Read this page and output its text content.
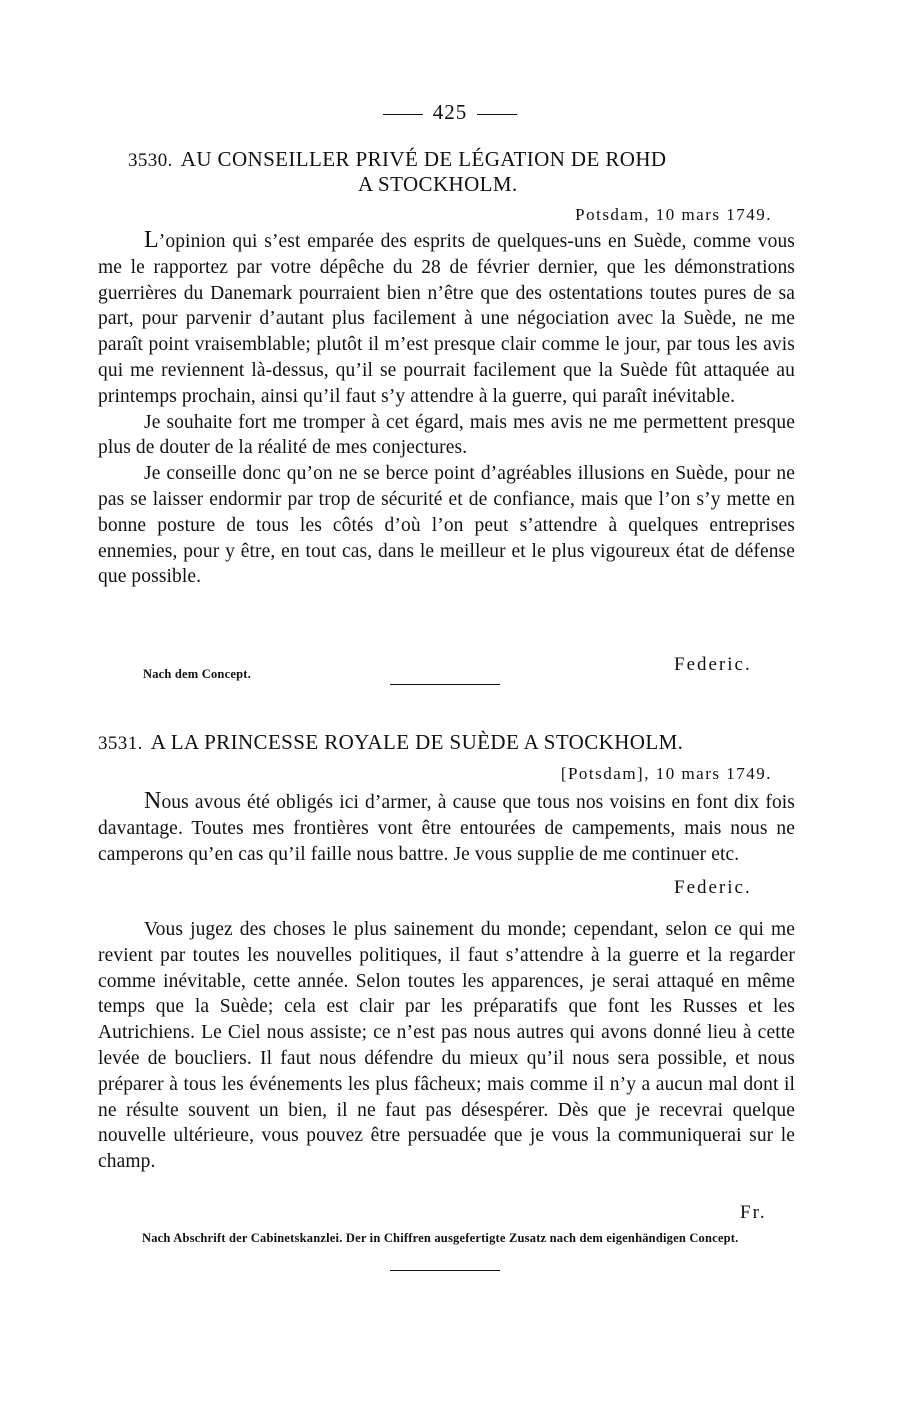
425
3530. AU CONSEILLER PRIVÉ DE LÉGATION DE ROHD
A STOCKHOLM.
Potsdam, 10 mars 1749.

L’opinion qui s’est emparée des esprits de quelques-uns en Suède, comme vous me le rapportez par votre dépêche du 28 de février dernier, que les démonstrations guerrières du Danemark pourraient bien n’être que des ostentations toutes pures de sa part, pour parvenir d’autant plus facilement à une négociation avec la Suède, ne me paraît point vraisemblable; plutôt il m’est presque clair comme le jour, par tous les avis qui me reviennent là-dessus, qu’il se pourrait facilement que la Suède fût attaquée au printemps prochain, ainsi qu’il faut s’y attendre à la guerre, qui paraît inévitable.

Je souhaite fort me tromper à cet égard, mais mes avis ne me permettent presque plus de douter de la réalité de mes conjectures.

Je conseille donc qu’on ne se berce point d’agréables illusions en Suède, pour ne pas se laisser endormir par trop de sécurité et de confiance, mais que l’on s’y mette en bonne posture de tous les côtés d’où l’on peut s’attendre à quelques entreprises ennemies, pour y être, en tout cas, dans le meilleur et le plus vigoureux état de défense que possible.

Federic.
Nach dem Concept.
3531. A LA PRINCESSE ROYALE DE SUÈDE A STOCKHOLM.
[Potsdam], 10 mars 1749.

Nous avous été obligés ici d’armer, à cause que tous nos voisins en font dix fois davantage. Toutes mes frontières vont être entourées de campements, mais nous ne camperons qu’en cas qu’il faille nous battre. Je vous supplie de me continuer etc.

Federic.

Vous jugez des choses le plus sainement du monde; cependant, selon ce qui me revient par toutes les nouvelles politiques, il faut s’attendre à la guerre et la regarder comme inévitable, cette année. Selon toutes les apparences, je serai attaqué en même temps que la Suède; cela est clair par les préparatifs que font les Russes et les Autrichiens. Le Ciel nous assiste; ce n’est pas nous autres qui avons donné lieu à cette levée de boucliers. Il faut nous défendre du mieux qu’il nous sera possible, et nous préparer à tous les événements les plus fâcheux; mais comme il n’y a aucun mal dont il ne résulte souvent un bien, il ne faut pas désespérer. Dès que je recevrai quelque nouvelle ultérieure, vous pouvez être persuadée que je vous la communiquerai sur le champ.

Fr.
Nach Abschrift der Cabinetskanzlei. Der in Chiffren ausgefertigte Zusatz nach dem eigenhändigen Concept.
